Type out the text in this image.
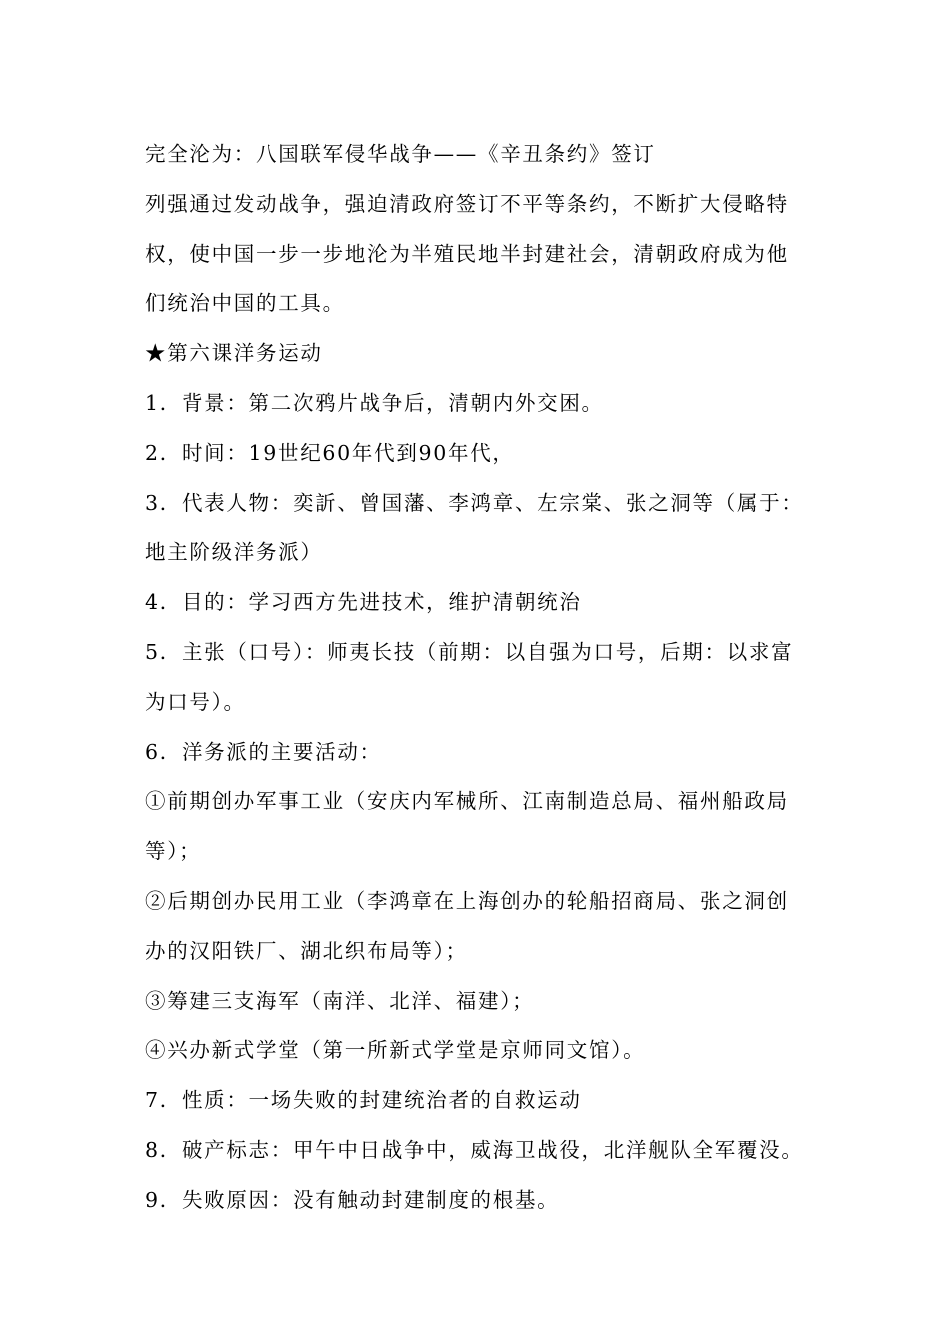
完全沦为：八国联军侵华战争——《辛丑条约》签订
列强通过发动战争，强迫清政府签订不平等条约，不断扩大侵略特
权，使中国一步一步地沦为半殖民地半封建社会，清朝政府成为他
们统治中国的工具。
★第六课洋务运动
1．背景：第二次鸦片战争后，清朝内外交困。
2．时间：19世纪60年代到90年代，
3．代表人物：奕訢、曾国藩、李鸿章、左宗棠、张之洞等（属于：
地主阶级洋务派）
4．目的：学习西方先进技术，维护清朝统治
5．主张（口号）：师夷长技（前期：以自强为口号，后期：以求富
为口号）。
6．洋务派的主要活动：
①前期创办军事工业（安庆内军械所、江南制造总局、福州船政局
等）；
②后期创办民用工业（李鸿章在上海创办的轮船招商局、张之洞创
办的汉阳铁厂、湖北织布局等）；
③筹建三支海军（南洋、北洋、福建）；
④兴办新式学堂（第一所新式学堂是京师同文馆）。
7．性质：一场失败的封建统治者的自救运动
8．破产标志：甲午中日战争中，威海卫战役，北洋舰队全军覆没。
9．失败原因：没有触动封建制度的根基。
